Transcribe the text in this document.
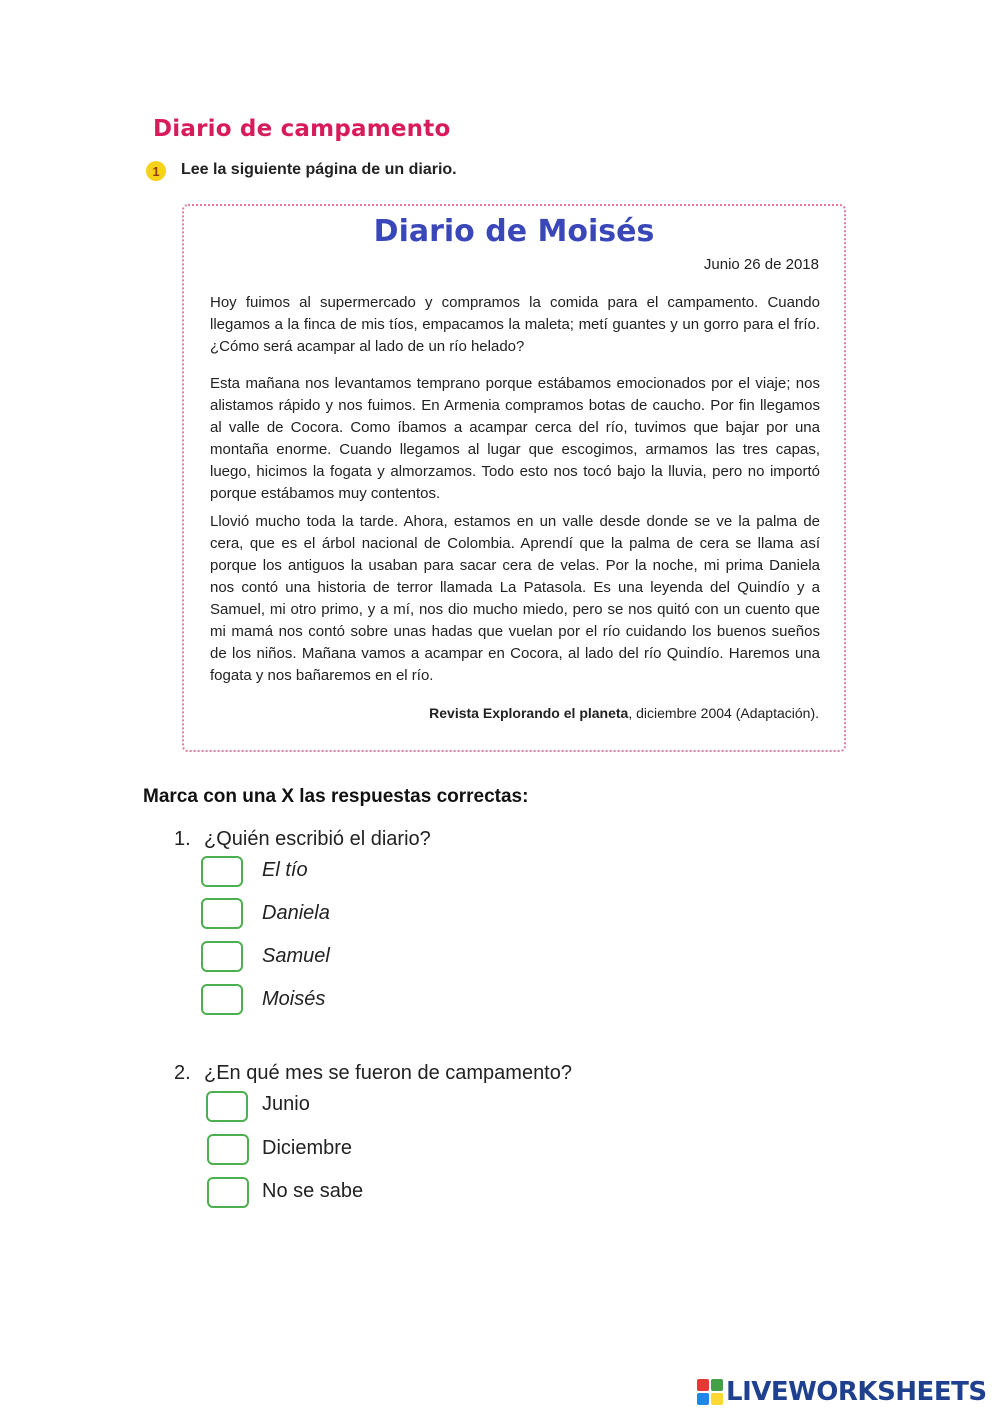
Diario de campamento
1	Lee la siguiente página de un diario.

Diario de Moisés
Junio 26 de 2018

Hoy fuimos al supermercado y compramos la comida para el campamento. Cuando llegamos a la finca de mis tíos, empacamos la maleta; metí guantes y un gorro para el frío. ¿Cómo será acampar al lado de un río helado?

Esta mañana nos levantamos temprano porque estábamos emocionados por el viaje; nos alistamos rápido y nos fuimos. En Armenia compramos botas de caucho. Por fin llegamos al valle de Cocora. Como íbamos a acampar cerca del río, tuvimos que bajar por una montaña enorme. Cuando llegamos al lugar que escogimos, armamos las tres capas, luego, hicimos la fogata y almorzamos. Todo esto nos tocó bajo la lluvia, pero no importó porque estábamos muy contentos.

Llovió mucho toda la tarde. Ahora, estamos en un valle desde donde se ve la palma de cera, que es el árbol nacional de Colombia. Aprendí que la palma de cera se llama así porque los antiguos la usaban para sacar cera de velas. Por la noche, mi prima Daniela nos contó una historia de terror llamada La Patasola. Es una leyenda del Quindío y a Samuel, mi otro primo, y a mí, nos dio mucho miedo, pero se nos quitó con un cuento que mi mamá nos contó sobre unas hadas que vuelan por el río cuidando los buenos sueños de los niños. Mañana vamos a acampar en Cocora, al lado del río Quindío. Haremos una fogata y nos bañaremos en el río.

Revista Explorando el planeta, diciembre 2004 (Adaptación).

Marca con una X las respuestas correctas:

1. ¿Quién escribió el diario?

El tío
Daniela
Samuel
Moisés

2. ¿En qué mes se fueron de campamento?

Junio
Diciembre
No se sabe
LIVEWORKSHEETS
